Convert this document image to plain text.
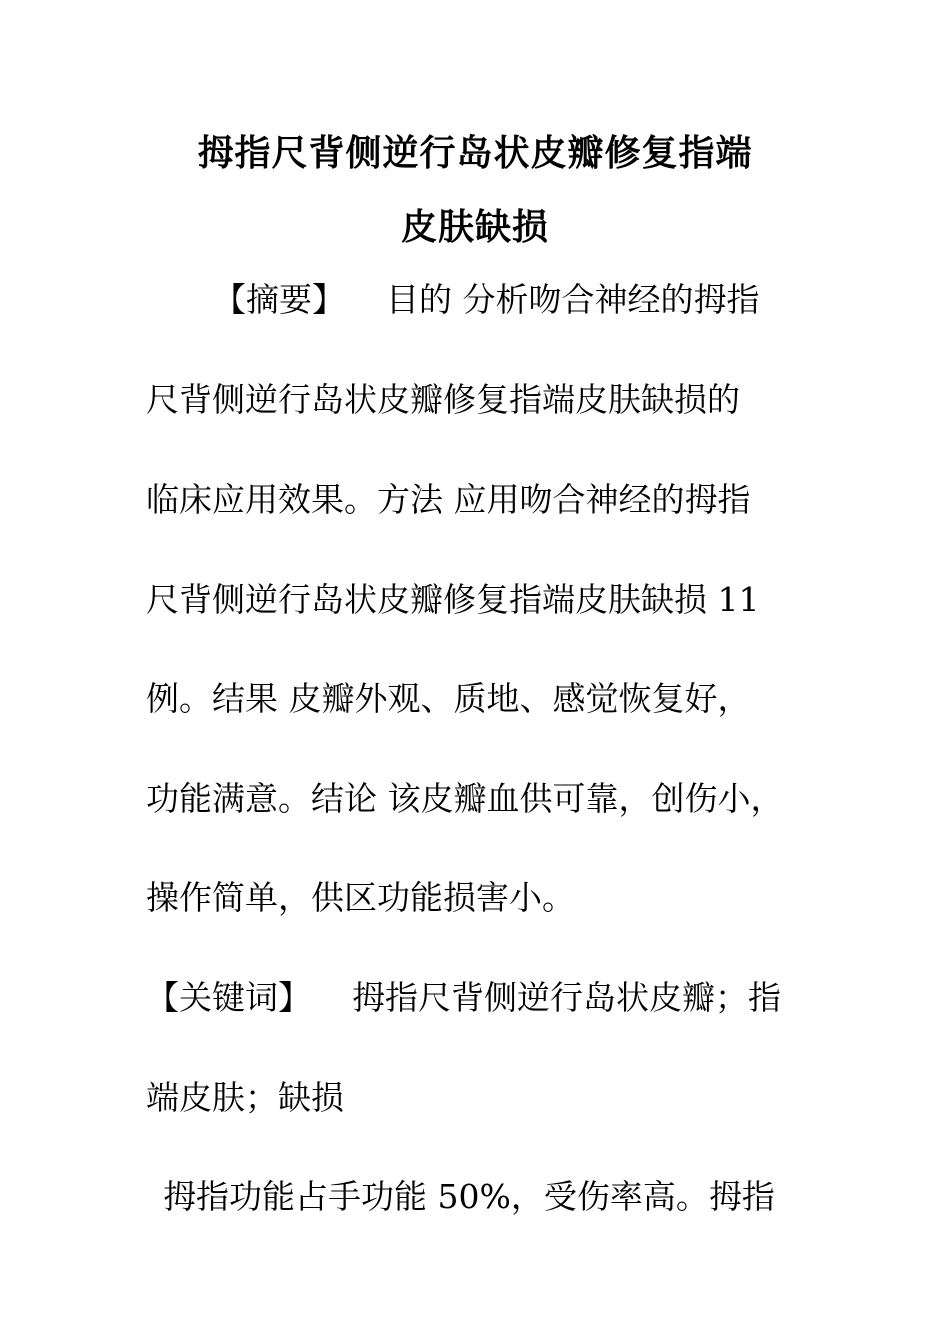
拇指尺背侧逆行岛状皮瓣修复指端
皮肤缺损
【摘要】 目的 分析吻合神经的拇指
尺背侧逆行岛状皮瓣修复指端皮肤缺损的
临床应用效果。方法 应用吻合神经的拇指
尺背侧逆行岛状皮瓣修复指端皮肤缺损 11
例。结果 皮瓣外观、质地、感觉恢复好，
功能满意。结论 该皮瓣血供可靠，创伤小，
操作简单，供区功能损害小。
【关键词】 拇指尺背侧逆行岛状皮瓣；指
端皮肤；缺损
拇指功能占手功能 50%，受伤率高。拇指
